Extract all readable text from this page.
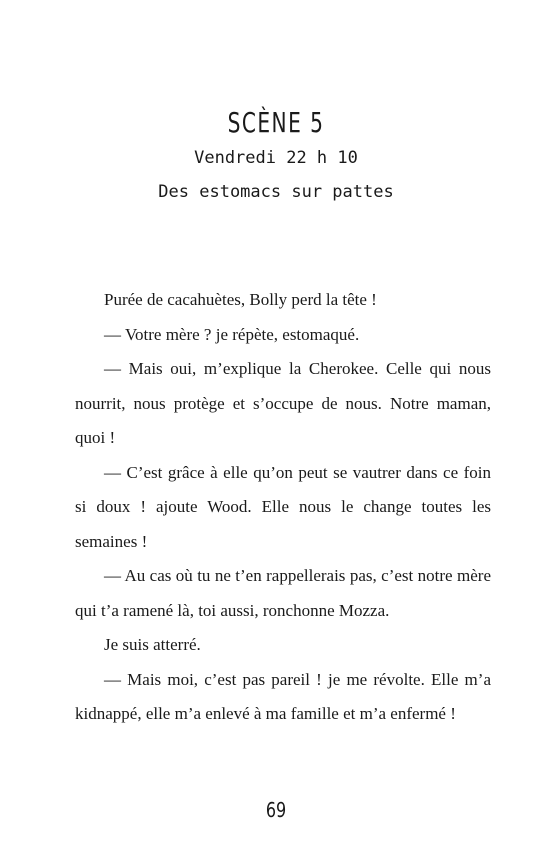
SCÈNE 5
Vendredi 22 h 10
Des estomacs sur pattes

Purée de cacahuètes, Bolly perd la tête !

— Votre mère ? je répète, estomaqué.

— Mais oui, m’explique la Cherokee. Celle qui nous nourrit, nous protège et s’occupe de nous. Notre maman, quoi !

— C’est grâce à elle qu’on peut se vautrer dans ce foin si doux ! ajoute Wood. Elle nous le change toutes les semaines !

— Au cas où tu ne t’en rappellerais pas, c’est notre mère qui t’a ramené là, toi aussi, ronchonne Mozza.

Je suis atterré.

— Mais moi, c’est pas pareil ! je me révolte. Elle m’a kidnappé, elle m’a enlevé à ma famille et m’a enfermé !

69
